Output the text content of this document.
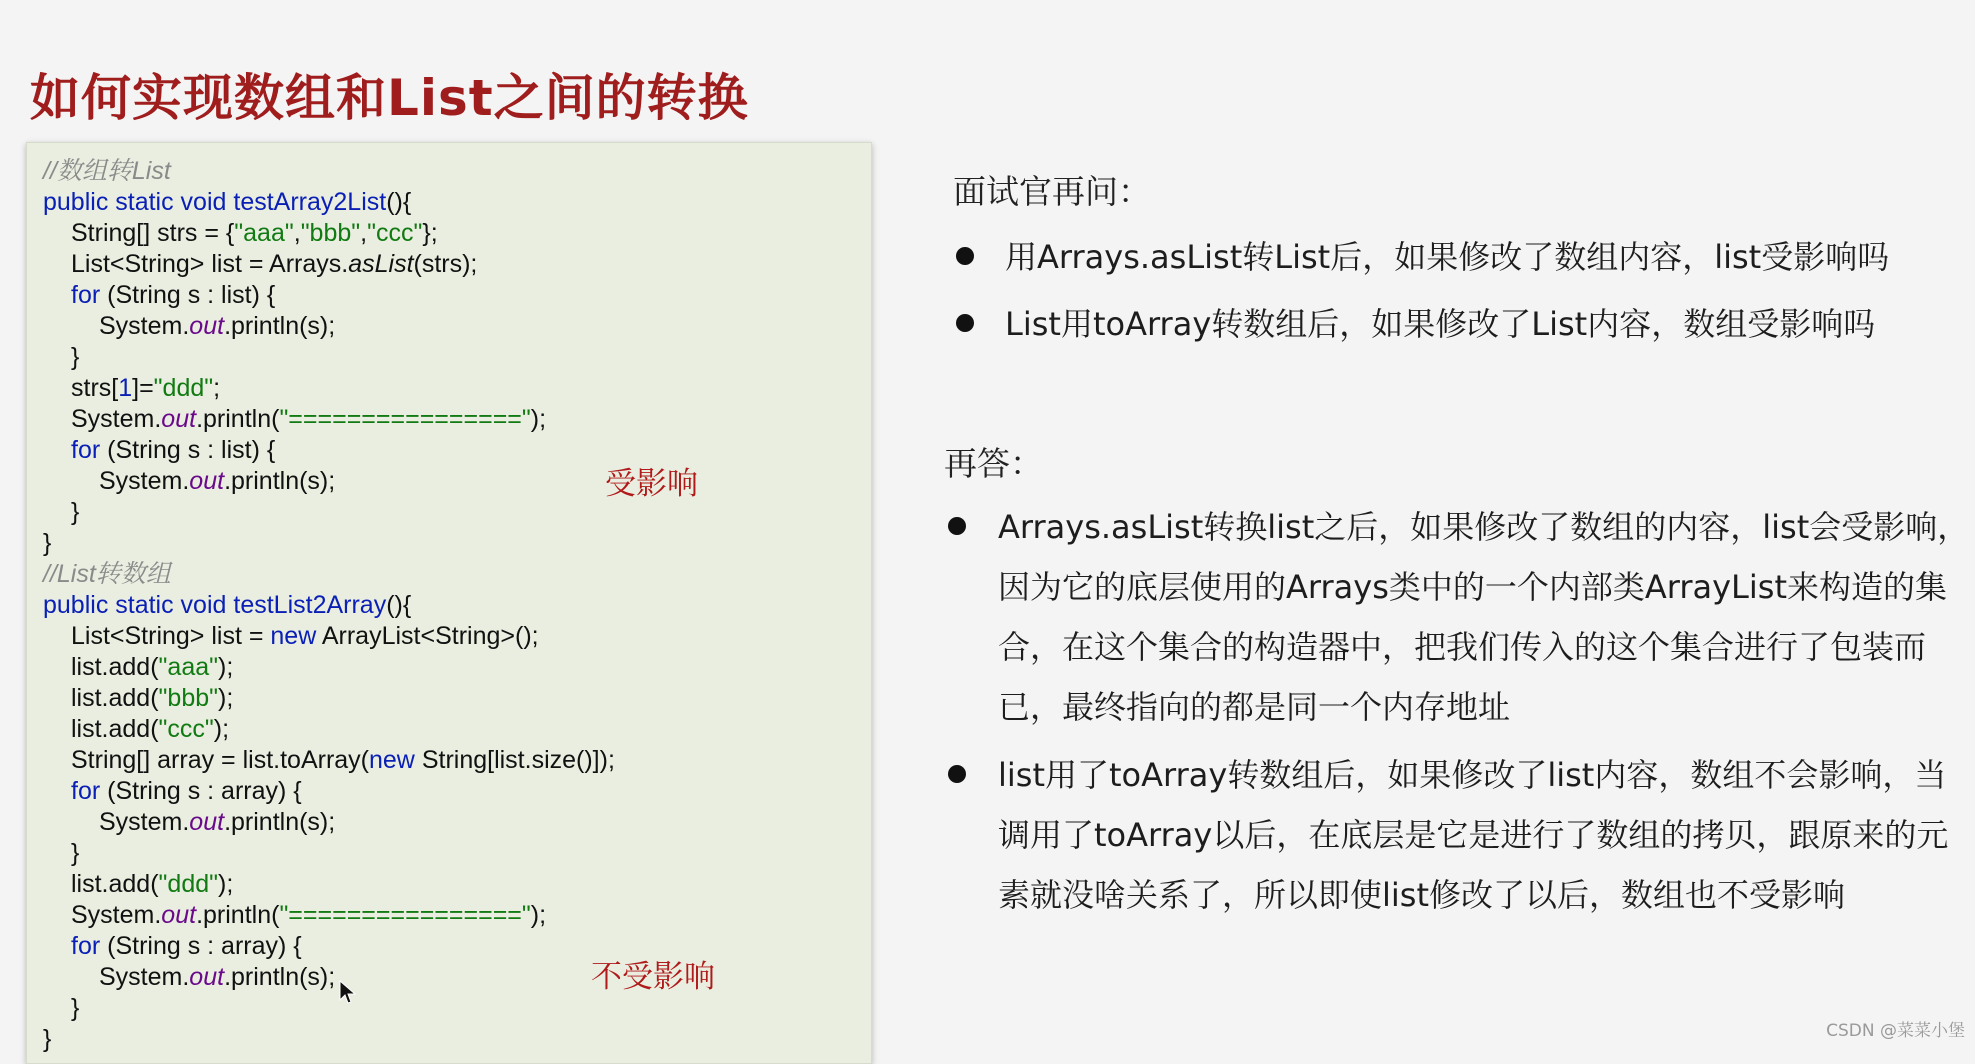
如何实现数组和List之间的转换
//数组转List
public static void testArray2List(){
String[] strs = {"aaa","bbb","ccc"};
List<String> list = Arrays.asList(strs);
for (String s : list) {
System.out.println(s);
}
strs[1]="ddd";
System.out.println("================");
for (String s : list) {
System.out.println(s);
}
}
//List转数组
public static void testList2Array(){
List<String> list = new ArrayList<String>();
list.add("aaa");
list.add("bbb");
list.add("ccc");
String[] array = list.toArray(new String[list.size()]);
for (String s : array) {
System.out.println(s);
}
list.add("ddd");
System.out.println("================");
for (String s : array) {
System.out.println(s);
}
}
受影响
不受影响
面试官再问：
用Arrays.asList转List后，如果修改了数组内容，list受影响吗
List用toArray转数组后，如果修改了List内容，数组受影响吗
再答：
Arrays.asList转换list之后，如果修改了数组的内容，list会受影响，
因为它的底层使用的Arrays类中的一个内部类ArrayList来构造的集
合，在这个集合的构造器中，把我们传入的这个集合进行了包装而
已，最终指向的都是同一个内存地址
list用了toArray转数组后，如果修改了list内容，数组不会影响，当
调用了toArray以后，在底层是它是进行了数组的拷贝，跟原来的元
素就没啥关系了，所以即使list修改了以后，数组也不受影响
CSDN @菜菜小堡
